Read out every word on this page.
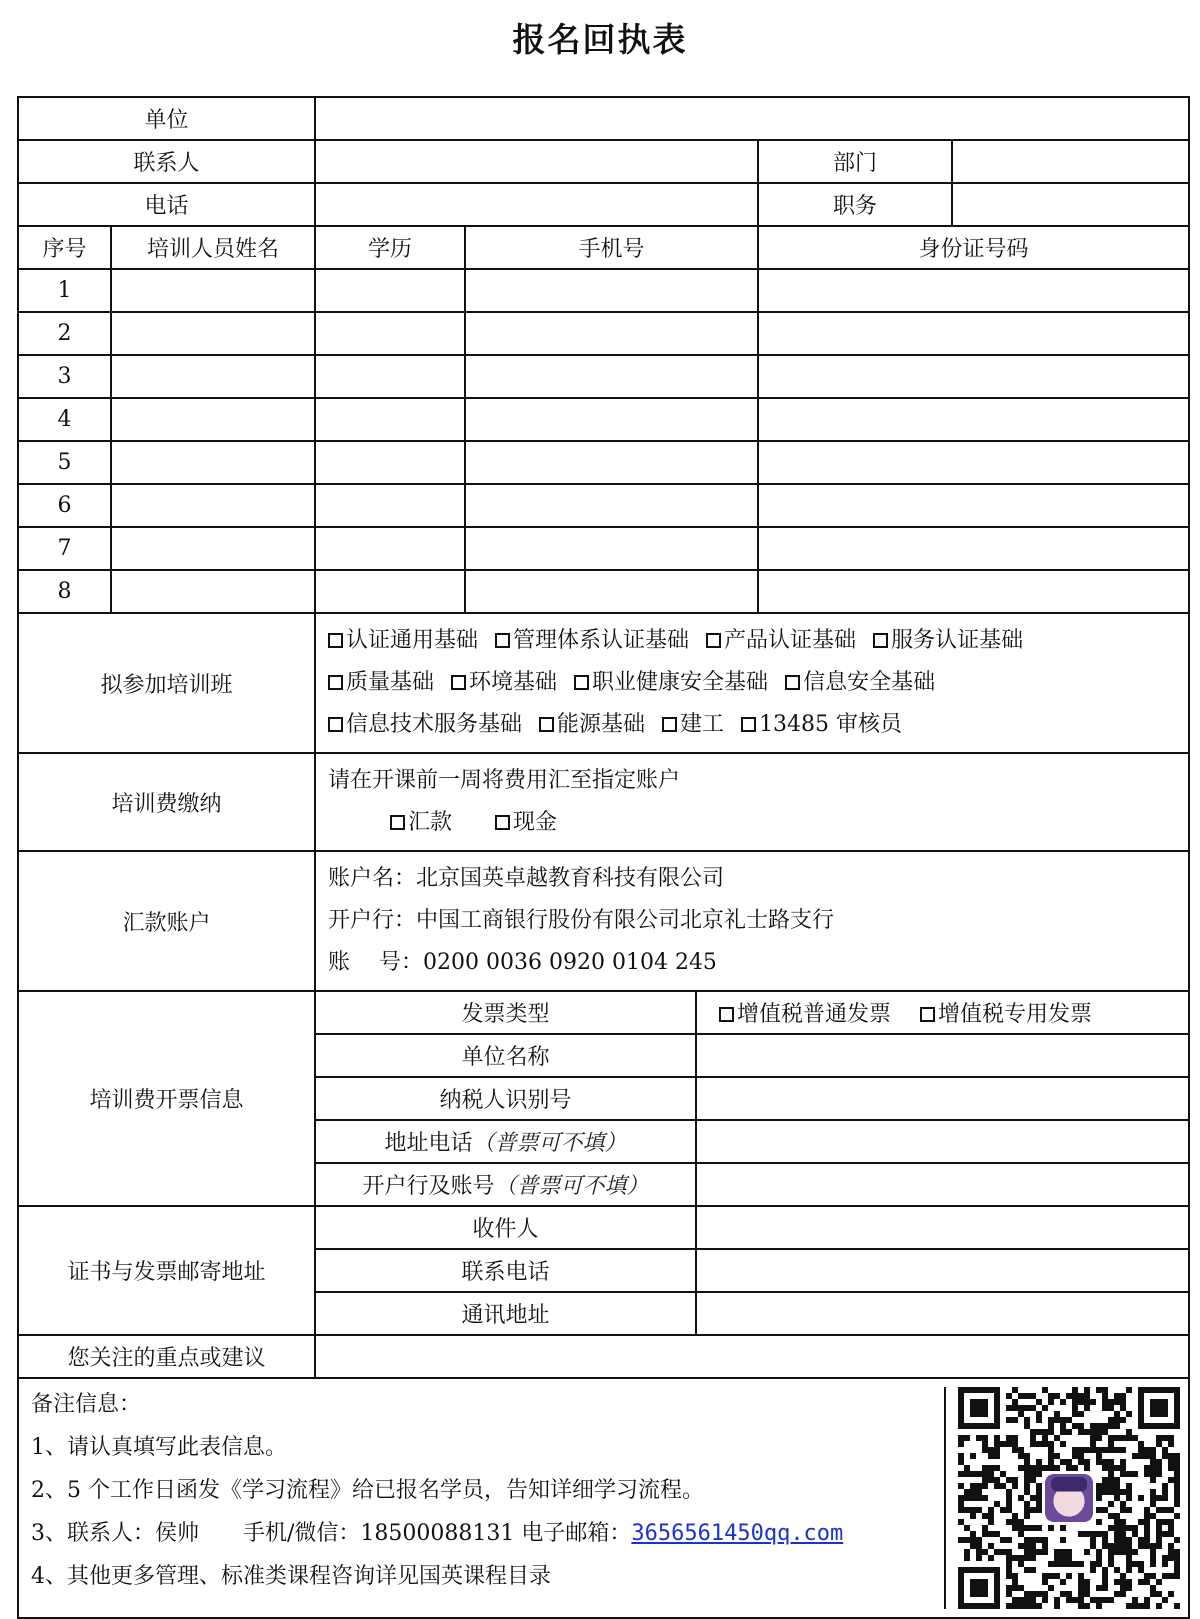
报名回执表
单位						
联系人					部门	
电话					职务	
序号	培训人员姓名	学历	手机号		身份证号码	
1						
2						
3						
4						
5						
6						
7						
8						
拟参加培训班		认证通用基础 管理体系认证基础 产品认证基础 服务认证基础
质量基础 环境基础 职业健康安全基础 信息安全基础
信息技术服务基础 能源基础 建工 13485 审核员				

培训费缴纳		请在开课前一周将费用汇至指定账户
汇款 现金				

汇款账户		账户名：北京国英卓越教育科技有限公司
开户行：中国工商银行股份有限公司北京礼士路支行
账　 号：0200 0036 0920 0104 245				

培训费开票信息		发票类型		增值税普通发票 增值税专用发票		
		单位名称				
		纳税人识别号				
		地址电话（普票可不填）				
		开户行及账号（普票可不填）				
证书与发票邮寄地址		收件人				
		联系电话				
		通讯地址				
您关注的重点或建议						

备注信息：
1、请认真填写此表信息。
2、5 个工作日函发《学习流程》给已报名学员，告知详细学习流程。
3、联系人：侯帅　　手机/微信：18500088131 电子邮箱：3656561450qq.com
4、其他更多管理、标准类课程咨询详见国英课程目录						
